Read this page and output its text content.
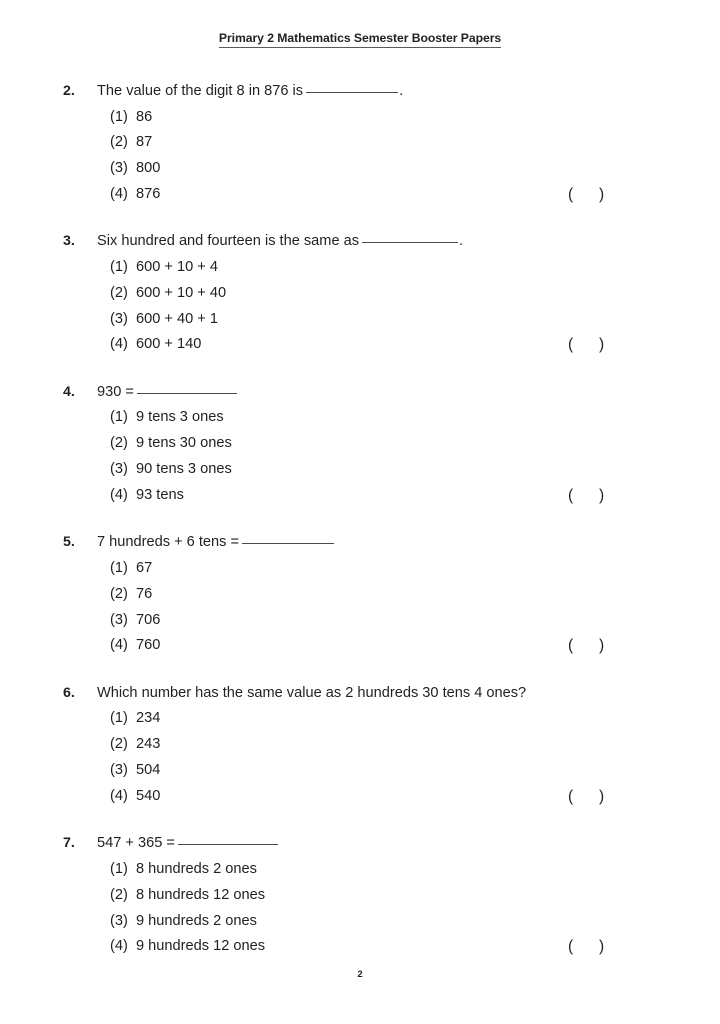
Primary 2 Mathematics Semester Booster Papers
2.	The value of the digit 8 in 876 is	.
(1) 86
(2) 87
(3) 800
(4) 876	(      )
3.	Six hundred and fourteen is the same as	.
(1) 600 + 10 + 4
(2) 600 + 10 + 40
(3) 600 + 40 + 1
(4) 600 + 140	(      )
4.	930 =
(1) 9 tens 3 ones
(2) 9 tens 30 ones
(3) 90 tens 3 ones
(4) 93 tens	(      )
5.	7 hundreds + 6 tens =
(1) 67
(2) 76
(3) 706
(4) 760	(      )
6.	Which number has the same value as 2 hundreds 30 tens 4 ones?
(1) 234
(2) 243
(3) 504
(4) 540	(      )
7.	547 + 365 =
(1) 8 hundreds 2 ones
(2) 8 hundreds 12 ones
(3) 9 hundreds 2 ones
(4) 9 hundreds 12 ones	(      )
2
